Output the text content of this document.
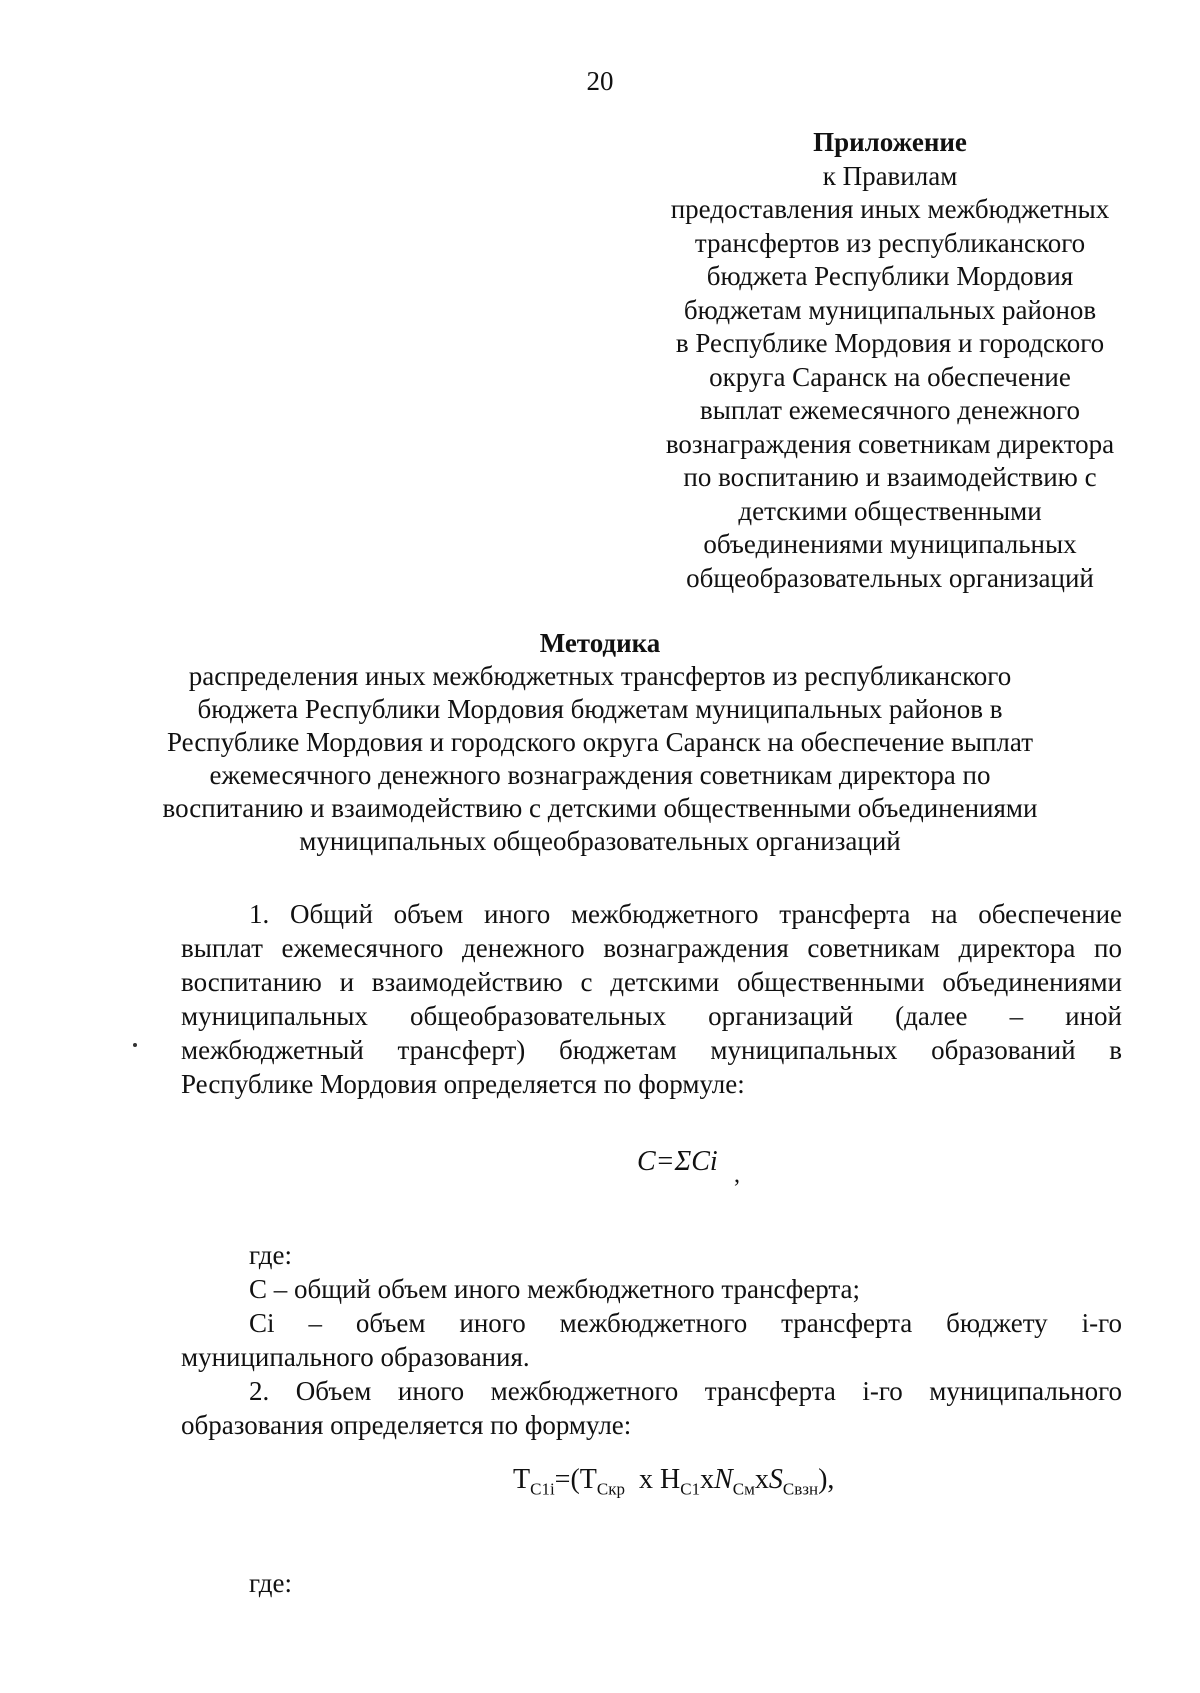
20
Приложение
к Правилам
предоставления иных межбюджетных
трансфертов из республиканского
бюджета Республики Мордовия
бюджетам муниципальных районов
в Республике Мордовия и городского
округа Саранск на обеспечение
выплат ежемесячного денежного
вознаграждения советникам директора
по воспитанию и взаимодействию с
детскими общественными
объединениями муниципальных
общеобразовательных организаций
Методика
распределения иных межбюджетных трансфертов из республиканского
бюджета Республики Мордовия бюджетам муниципальных районов в
Республике Мордовия и городского округа Саранск на обеспечение выплат
ежемесячного денежного вознаграждения советникам директора по
воспитанию и взаимодействию с детскими общественными объединениями
муниципальных общеобразовательных организаций
1. Общий объем иного межбюджетного трансферта на обеспечение
выплат ежемесячного денежного вознаграждения советникам директора по
воспитанию и взаимодействию с детскими общественными объединениями
муниципальных общеобразовательных организаций (далее – иной
межбюджетный трансферт) бюджетам муниципальных образований в
Республике Мордовия определяется по формуле:
C=ΣCi ,
где:
С – общий объем иного межбюджетного трансферта;
Ci – объем иного межбюджетного трансферта бюджету i-го
муниципального образования.
2. Объем иного межбюджетного трансферта i-го муниципального
образования определяется по формуле:
$Т_{C1i}=(Т_{Скр}$ х $Н_{С1}хN_{См}хS_{Свзн}$),
где:
